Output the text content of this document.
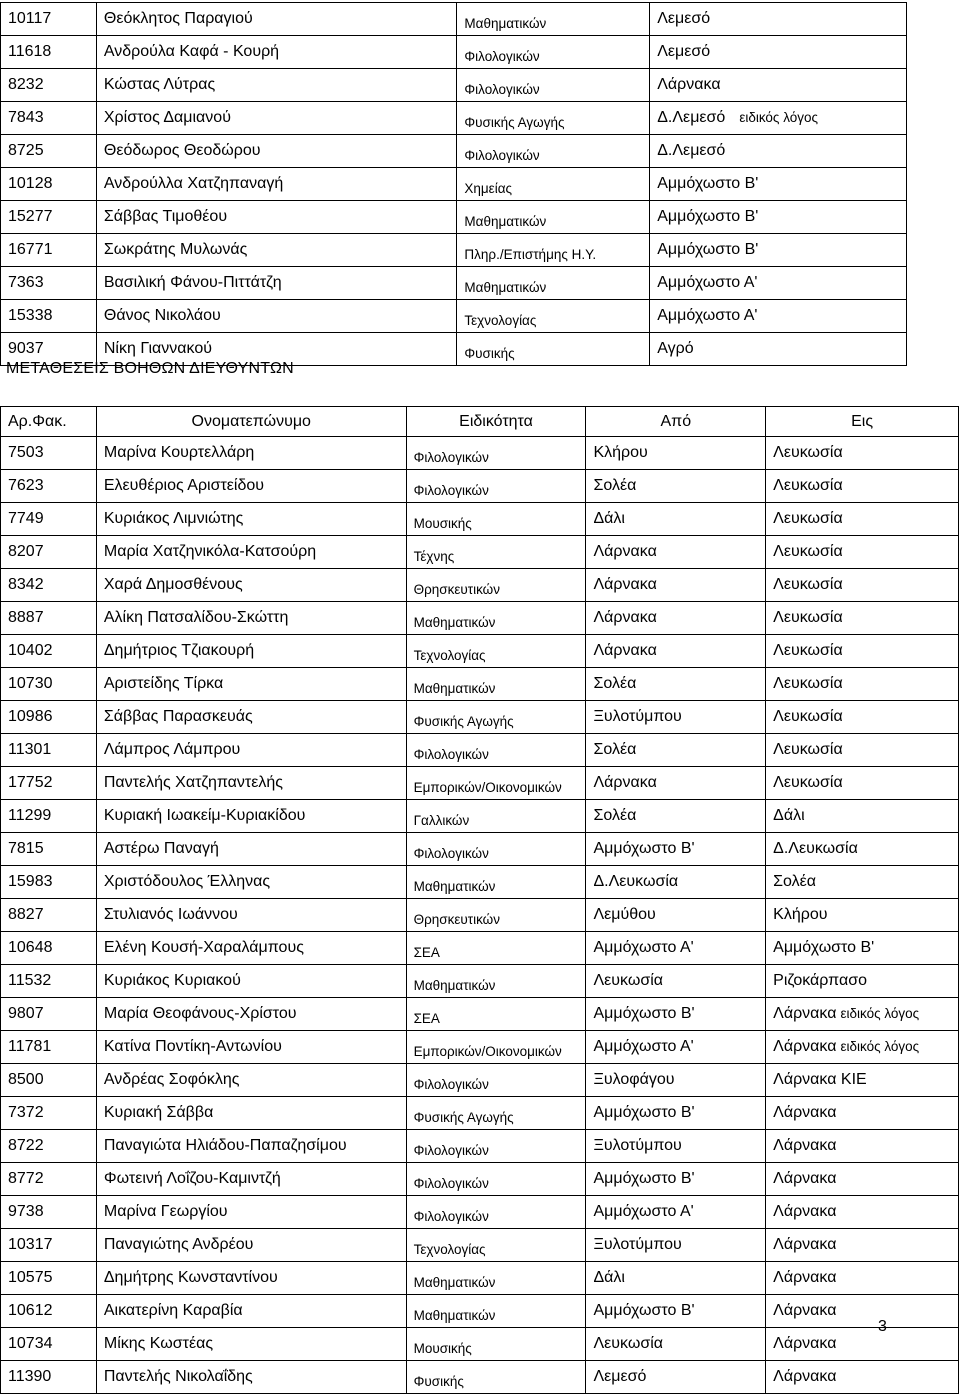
10117	Θεόκλητος Παραγιού	Μαθηματικών	Λεμεσό
11618	Ανδρούλα Καφά - Κουρή	Φιλολογικών	Λεμεσό
8232	Κώστας Λύτρας	Φιλολογικών	Λάρνακα
7843	Χρίστος Δαμιανού	Φυσικής Αγωγής	Δ.Λεμεσό ειδικός λόγος
8725	Θεόδωρος Θεοδώρου	Φιλολογικών	Δ.Λεμεσό
10128	Ανδρούλλα Χατζηπαναγή	Χημείας	Αμμόχωστο Β'
15277	Σάββας Τιμοθέου	Μαθηματικών	Αμμόχωστο Β'
16771	Σωκράτης Μυλωνάς	Πληρ./Επιστήμης Η.Υ.	Αμμόχωστο Β'
7363	Βασιλική Φάνου-Πιττάτζη	Μαθηματικών	Αμμόχωστο Α'
15338	Θάνος Νικολάου	Τεχνολογίας	Αμμόχωστο Α'
9037	Νίκη Γιαννακού	Φυσικής	Αγρό
ΜΕΤΑΘΕΣΕΙΣ ΒΟΗΘΩΝ ΔΙΕΥΘΥΝΤΩΝ
Αρ.Φακ.	Ονοματεπώνυμο	Ειδικότητα	Από	Εις
7503	Μαρίνα Κουρτελλάρη	Φιλολογικών	Κλήρου	Λευκωσία
7623	Ελευθέριος Αριστείδου	Φιλολογικών	Σολέα	Λευκωσία
7749	Κυριάκος Λιμνιώτης	Μουσικής	Δάλι	Λευκωσία
8207	Μαρία Χατζηνικόλα-Κατσούρη	Τέχνης	Λάρνακα	Λευκωσία
8342	Χαρά Δημοσθένους	Θρησκευτικών	Λάρνακα	Λευκωσία
8887	Αλίκη Πατσαλίδου-Σκώττη	Μαθηματικών	Λάρνακα	Λευκωσία
10402	Δημήτριος Τζιακουρή	Τεχνολογίας	Λάρνακα	Λευκωσία
10730	Αριστείδης Τίρκα	Μαθηματικών	Σολέα	Λευκωσία
10986	Σάββας Παρασκευάς	Φυσικής Αγωγής	Ξυλοτύμπου	Λευκωσία
11301	Λάμπρος Λάμπρου	Φιλολογικών	Σολέα	Λευκωσία
17752	Παντελής Χατζηπαντελής	Εμπορικών/Οικονομικών	Λάρνακα	Λευκωσία
11299	Κυριακή Ιωακείμ-Κυριακίδου	Γαλλικών	Σολέα	Δάλι
7815	Αστέρω Παναγή	Φιλολογικών	Αμμόχωστο Β'	Δ.Λευκωσία
15983	Χριστόδουλος Έλληνας	Μαθηματικών	Δ.Λευκωσία	Σολέα
8827	Στυλιανός Ιωάννου	Θρησκευτικών	Λεμύθου	Κλήρου
10648	Ελένη Κουσή-Χαραλάμπους	ΣΕΑ	Αμμόχωστο Α'	Αμμόχωστο Β'
11532	Κυριάκος Κυριακού	Μαθηματικών	Λευκωσία	Ριζοκάρπασο
9807	Μαρία Θεοφάνους-Χρίστου	ΣΕΑ	Αμμόχωστο Β'	Λάρνακα ειδικός λόγος
11781	Κατίνα Ποντίκη-Αντωνίου	Εμπορικών/Οικονομικών	Αμμόχωστο Α'	Λάρνακα ειδικός λόγος
8500	Ανδρέας Σοφόκλης	Φιλολογικών	Ξυλοφάγου	Λάρνακα ΚΙΕ
7372	Κυριακή Σάββα	Φυσικής Αγωγής	Αμμόχωστο Β'	Λάρνακα
8722	Παναγιώτα Ηλιάδου-Παπαζησίμου	Φιλολογικών	Ξυλοτύμπου	Λάρνακα
8772	Φωτεινή Λοΐζου-Καμιντζή	Φιλολογικών	Αμμόχωστο Β'	Λάρνακα
9738	Μαρίνα Γεωργίου	Φιλολογικών	Αμμόχωστο Α'	Λάρνακα
10317	Παναγιώτης Ανδρέου	Τεχνολογίας	Ξυλοτύμπου	Λάρνακα
10575	Δημήτρης Κωνσταντίνου	Μαθηματικών	Δάλι	Λάρνακα
10612	Αικατερίνη Καραβία	Μαθηματικών	Αμμόχωστο Β'	Λάρνακα
10734	Μίκης Κωστέας	Μουσικής	Λευκωσία	Λάρνακα
11390	Παντελής Νικολαΐδης	Φυσικής	Λεμεσό	Λάρνακα
3
